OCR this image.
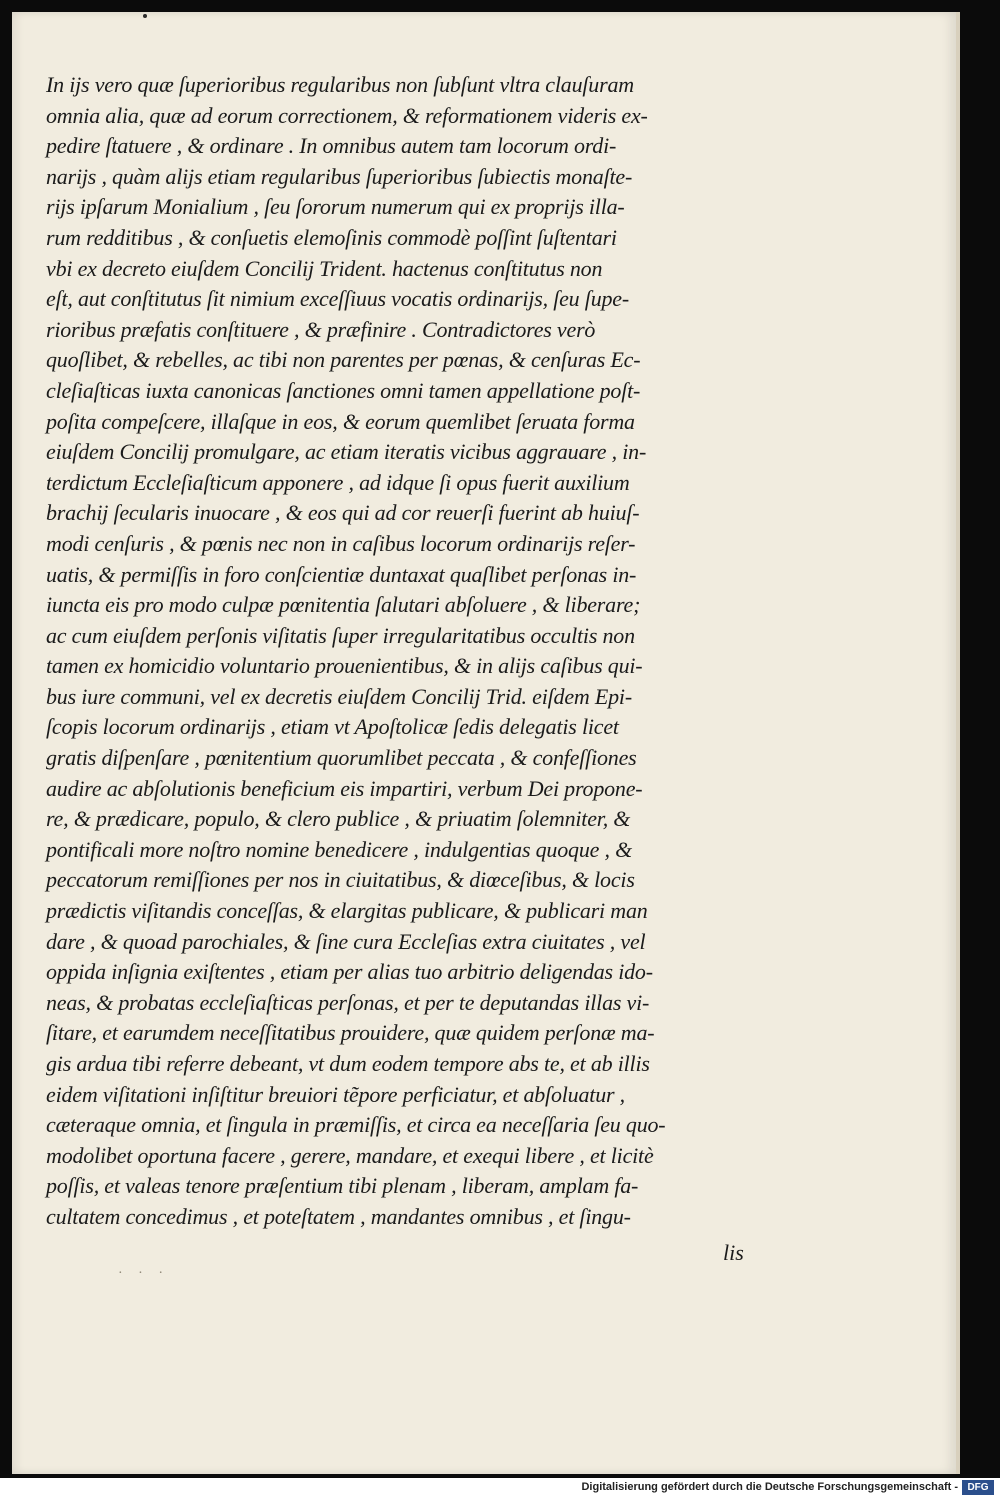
In ijs vero quæ ſuperioribus regularibus non ſubſunt vltra clauſuram
omnia alia, quæ ad eorum correctionem, & reformationem videris ex-
pedire ſtatuere , & ordinare . In omnibus autem tam locorum ordi-
narijs , quàm alijs etiam regularibus ſuperioribus ſubiectis monaſte-
rijs ipſarum Monialium , ſeu ſororum numerum qui ex proprijs illa-
rum redditibus , & conſuetis elemoſinis commodè poſſint ſuſtentari
vbi ex decreto eiuſdem Concilij Trident. hactenus conſtitutus non
eſt, aut conſtitutus ſit nimium exceſſiuus vocatis ordinarijs, ſeu ſupe-
rioribus præfatis conſtituere , & præfinire . Contradictores verò
quoſlibet, & rebelles, ac tibi non parentes per pœnas, & cenſuras Ec-
cleſiaſticas iuxta canonicas ſanctiones omni tamen appellatione poſt-
poſita compeſcere, illaſque in eos, & eorum quemlibet ſeruata forma
eiuſdem Concilij promulgare, ac etiam iteratis vicibus aggrauare , in-
terdictum Eccleſiaſticum apponere , ad idque ſi opus fuerit auxilium
brachij ſecularis inuocare , & eos qui ad cor reuerſi fuerint ab huiuſ-
modi cenſuris , & pœnis nec non in caſibus locorum ordinarijs reſer-
uatis, & permiſſis in foro conſcientiæ duntaxat quaſlibet perſonas in-
iuncta eis pro modo culpæ pœnitentia ſalutari abſoluere , & liberare;
ac cum eiuſdem perſonis viſitatis ſuper irregularitatibus occultis non
tamen ex homicidio voluntario prouenientibus, & in alijs caſibus qui-
bus iure communi, vel ex decretis eiuſdem Concilij Trid. eiſdem Epi-
ſcopis locorum ordinarijs , etiam vt Apoſtolicæ ſedis delegatis licet
gratis diſpenſare , pœnitentium quorumlibet peccata , & confeſſiones
audire ac abſolutionis beneficium eis impartiri, verbum Dei propone-
re, & prædicare, populo, & clero publice , & priuatim ſolemniter, &
pontificali more noſtro nomine benedicere , indulgentias quoque , &
peccatorum remiſſiones per nos in ciuitatibus, & diœceſibus, & locis
prædictis viſitandis conceſſas, & elargitas publicare, & publicari man
dare , & quoad parochiales, & ſine cura Eccleſias extra ciuitates , vel
oppida inſignia exiſtentes , etiam per alias tuo arbitrio deligendas ido-
neas, & probatas eccleſiaſticas perſonas, et per te deputandas illas vi-
ſitare, et earumdem neceſſitatibus prouidere, quæ quidem perſonæ ma-
gis ardua tibi referre debeant, vt dum eodem tempore abs te, et ab illis
eidem viſitationi inſiſtitur breuiori tẽpore perficiatur, et abſoluatur ,
cæteraque omnia, et ſingula in præmiſſis, et circa ea neceſſaria ſeu quo-
modolibet oportuna facere , gerere, mandare, et exequi libere , et licitè
poſſis, et valeas tenore præſentium tibi plenam , liberam, amplam fa-
cultatem concedimus , et poteſtatem , mandantes omnibus , et ſingu-
lis
· · ·
Digitalisierung gefördert durch die Deutsche Forschungsgemeinschaft - DFG
